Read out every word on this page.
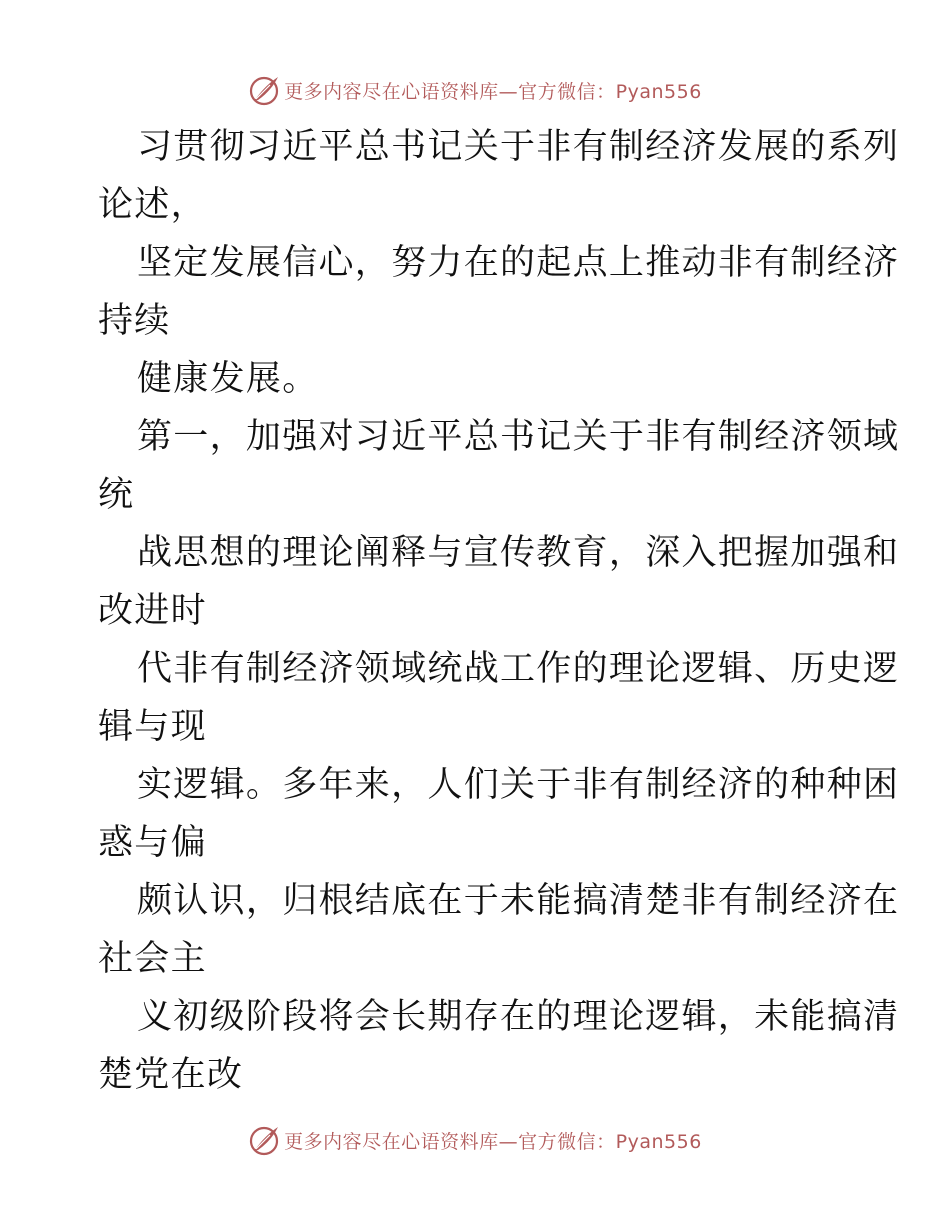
更多内容尽在心语资料库—官方微信：Pyan556
习贯彻习近平总书记关于非有制经济发展的系列
论述，
坚定发展信心，努力在的起点上推动非有制经济
持续
健康发展。
第一，加强对习近平总书记关于非有制经济领域
统
战思想的理论阐释与宣传教育，深入把握加强和
改进时
代非有制经济领域统战工作的理论逻辑、历史逻
辑与现
实逻辑。多年来，人们关于非有制经济的种种困
惑与偏
颇认识，归根结底在于未能搞清楚非有制经济在
社会主
义初级阶段将会长期存在的理论逻辑，未能搞清
楚党在改
更多内容尽在心语资料库—官方微信：Pyan556
